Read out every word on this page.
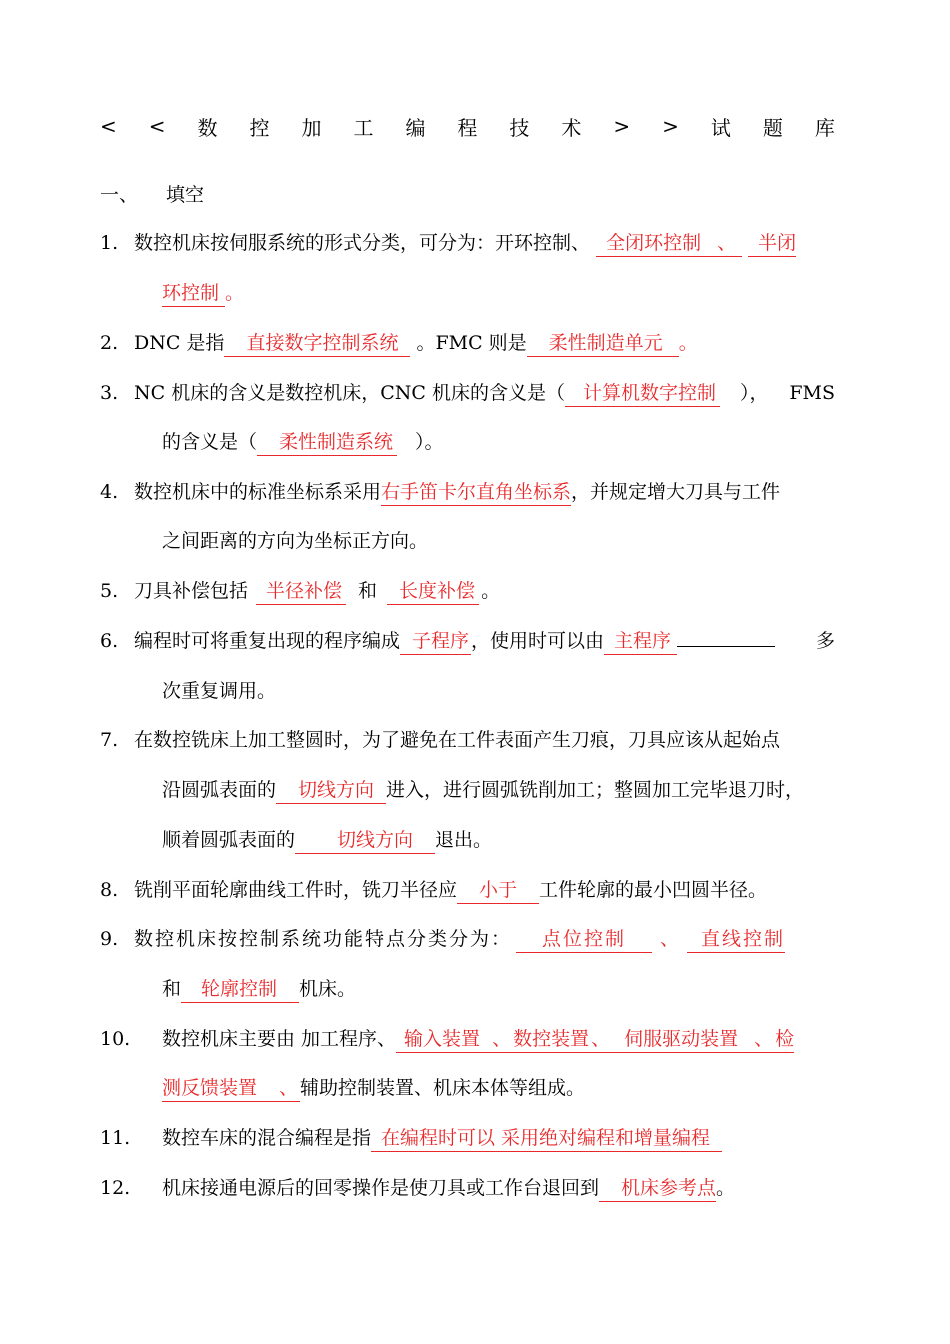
< < 数 控 加 工 编 程 技 术 > > 试 题 库
一、	填空
1. 数控机床按伺服系统的形式分类，可分为：开环控制、 全闭环控制 、 半闭
环控制 。
2. DNC 是指 直接数字控制系统 。FMC 则是 柔性制造单元 。
3. NC 机床的含义是数控机床，CNC 机床的含义是（ 计算机数字控制 ）， FMS
的含义是（ 柔性制造系统 ）。
4. 数控机床中的标准坐标系采用右手笛卡尔直角坐标系，并规定增大刀具与工件
之间距离的方向为坐标正方向。
5. 刀具补偿包括 半径补偿 和 长度补偿 。
6. 编程时可将重复出现的程序编成 子程序 ，使用时可以由 主程序	多
次重复调用。
7. 在数控铣床上加工整圆时，为了避免在工件表面产生刀痕，刀具应该从起始点
沿圆弧表面的 切线方向 进入，进行圆弧铣削加工；整圆加工完毕退刀时，
顺着圆弧表面的 切线方向 退出。
8. 铣削平面轮廓曲线工件时，铣刀半径应 小于 工件轮廓的最小凹圆半径。
9. 数控机床按控制系统功能特点分类分为： 点位控制 、 直线控制
和 轮廓控制 机床。
10. 数控机床主要由 加工程序、 输入装置 、 数控装置 、 伺服驱动装置 、 检
测反馈装置 、 辅助控制装置、机床本体等组成。
11. 数控车床的混合编程是指 在编程时可以 采用绝对编程和增量编程
12. 机床接通电源后的回零操作是使刀具或工作台退回到 机床参考点。
